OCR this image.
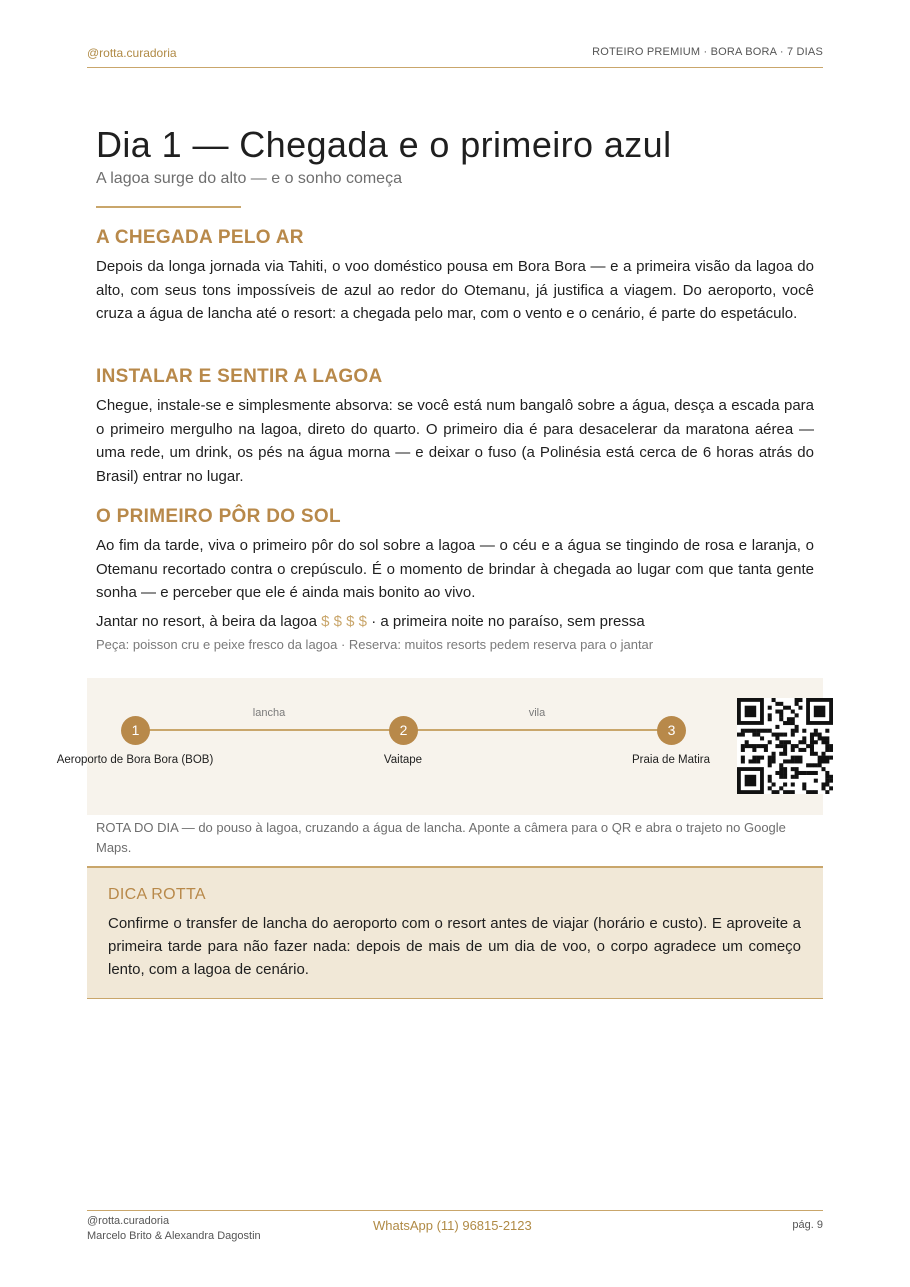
@rotta.curadoria	ROTEIRO PREMIUM · BORA BORA · 7 DIAS
Dia 1 — Chegada e o primeiro azul
A lagoa surge do alto — e o sonho começa
A CHEGADA PELO AR

Depois da longa jornada via Tahiti, o voo doméstico pousa em Bora Bora — e a primeira visão da lagoa do alto, com seus tons impossíveis de azul ao redor do Otemanu, já justifica a viagem. Do aeroporto, você cruza a água de lancha até o resort: a chegada pelo mar, com o vento e o cenário, é parte do espetáculo.

INSTALAR E SENTIR A LAGOA

Chegue, instale-se e simplesmente absorva: se você está num bangalô sobre a água, desça a escada para o primeiro mergulho na lagoa, direto do quarto. O primeiro dia é para desacelerar da maratona aérea — uma rede, um drink, os pés na água morna — e deixar o fuso (a Polinésia está cerca de 6 horas atrás do Brasil) entrar no lugar.

O PRIMEIRO PÔR DO SOL

Ao fim da tarde, viva o primeiro pôr do sol sobre a lagoa — o céu e a água se tingindo de rosa e laranja, o Otemanu recortado contra o crepúsculo. É o momento de brindar à chegada ao lugar com que tanta gente sonha — e perceber que ele é ainda mais bonito ao vivo.

Jantar no resort, à beira da lagoa $ $ $ $ · a primeira noite no paraíso, sem pressa
Peça: poisson cru e peixe fresco da lagoa · Reserva: muitos resorts pedem reserva para o jantar
lancha	vila
1	2	3
Aeroporto de Bora Bora (BOB)	Vaitape	Praia de Matira
ROTA DO DIA — do pouso à lagoa, cruzando a água de lancha. Aponte a câmera para o QR e abra o trajeto no Google Maps.
DICA ROTTA

Confirme o transfer de lancha do aeroporto com o resort antes de viajar (horário e custo). E aproveite a primeira tarde para não fazer nada: depois de mais de um dia de voo, o corpo agradece um começo lento, com a lagoa de cenário.

@rotta.curadoria
Marcelo Brito & Alexandra Dagostin
WhatsApp (11) 96815-2123	pág. 9
